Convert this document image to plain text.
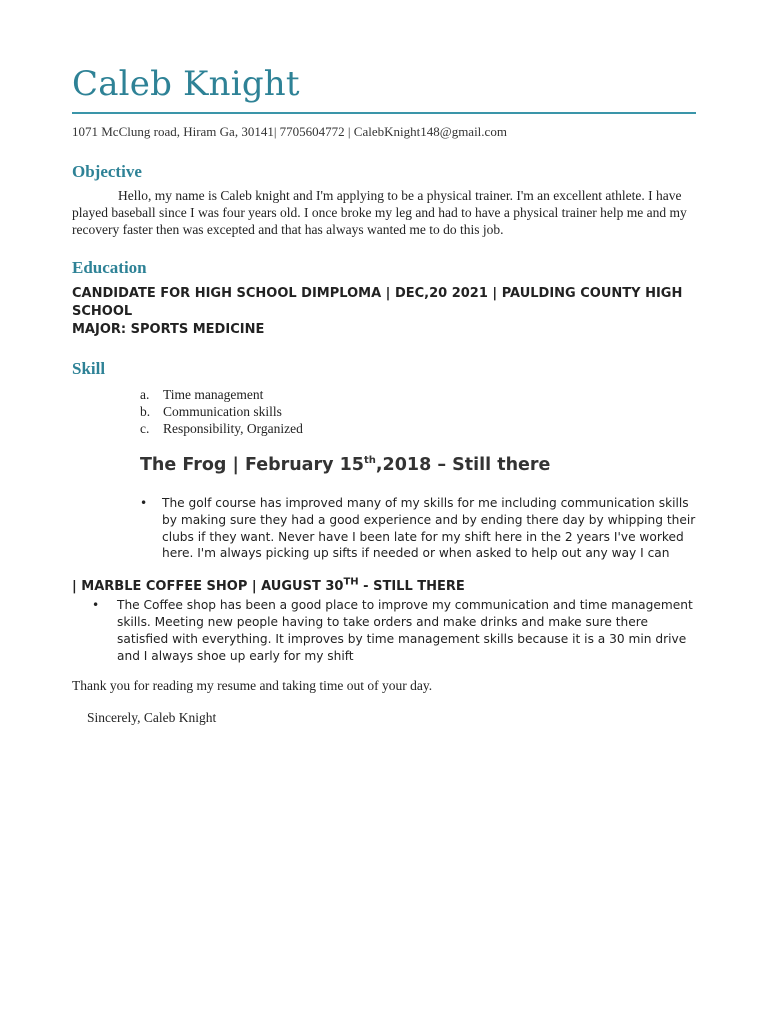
Caleb Knight
1071 McClung road, Hiram Ga, 30141| 7705604772 | CalebKnight148@gmail.com
Objective
Hello, my name is Caleb knight and I'm applying to be a physical trainer. I'm an excellent athlete. I have played baseball since I was four years old. I once broke my leg and had to have a physical trainer help me and my recovery faster then was excepted and that has always wanted me to do this job.
Education
CANDIDATE FOR HIGH SCHOOL DIMPLOMA | DEC,20 2021 | PAULDING COUNTY HIGH SCHOOL
MAJOR: SPORTS MEDICINE
Skill
a.	Time management
b. Communication skills
c.	Responsibility, Organized
The Frog | February 15th,2018 – Still there
•	The golf course has improved many of my skills for me including communication skills by making sure they had a good experience and by ending there day by whipping their clubs if they want. Never have I been late for my shift here in the 2 years I've worked here. I'm always picking up sifts if needed or when asked to help out any way I can
| MARBLE COFFEE SHOP | AUGUST 30TH - STILL THERE
•	The Coffee shop has been a good place to improve my communication and time management skills. Meeting new people having to take orders and make drinks and make sure there satisfied with everything. It improves by time management skills because it is a 30 min drive and I always shoe up early for my shift
Thank you for reading my resume and taking time out of your day.
Sincerely, Caleb Knight
